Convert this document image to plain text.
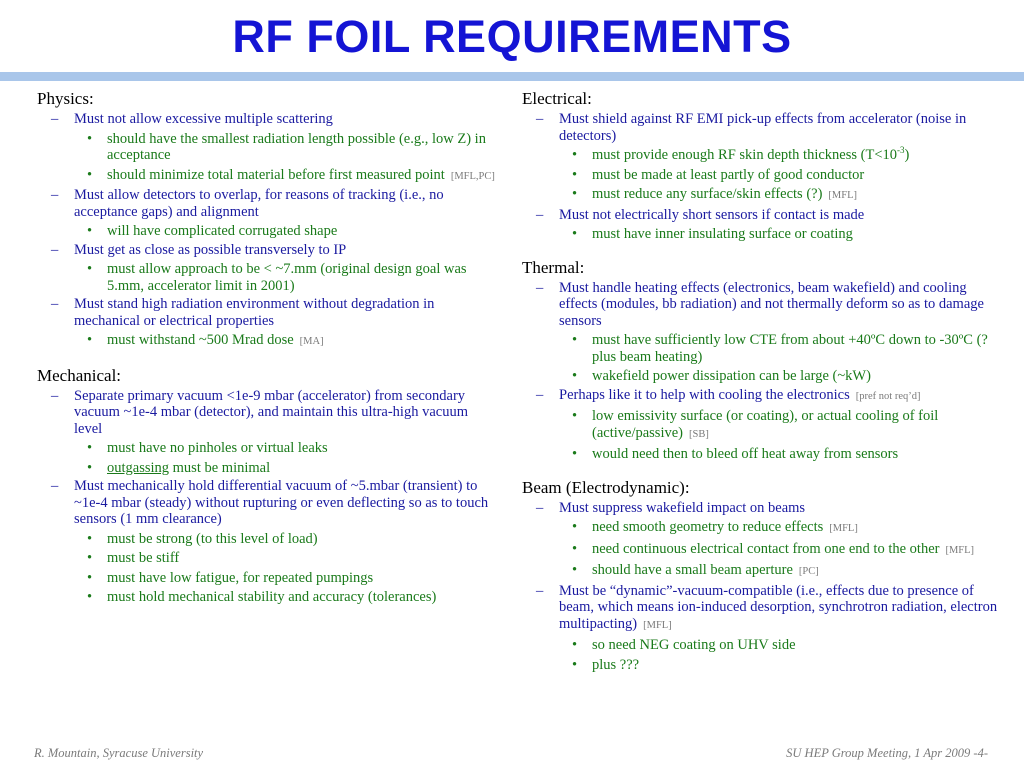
RF FOIL REQUIREMENTS
Physics:
– Must not allow excessive multiple scattering
• should have the smallest radiation length possible (e.g., low Z) in acceptance
• should minimize total material before first measured point [MFL,PC]
– Must allow detectors to overlap, for reasons of tracking (i.e., no acceptance gaps) and alignment
• will have complicated corrugated shape
– Must get as close as possible transversely to IP
• must allow approach to be < ~7.mm (original design goal was 5.mm, accelerator limit in 2001)
– Must stand high radiation environment without degradation in mechanical or electrical properties
• must withstand ~500 Mrad dose [MA]
Mechanical:
– Separate primary vacuum <1e-9 mbar (accelerator) from secondary vacuum ~1e-4 mbar (detector), and maintain this ultra-high vacuum level
• must have no pinholes or virtual leaks
• outgassing must be minimal
– Must mechanically hold differential vacuum of ~5.mbar (transient) to ~1e-4 mbar (steady) without rupturing or even deflecting so as to touch sensors (1 mm clearance)
• must be strong (to this level of load)
• must be stiff
• must have low fatigue, for repeated pumpings
• must hold mechanical stability and accuracy (tolerances)
Electrical:
– Must shield against RF EMI pick-up effects from accelerator (noise in detectors)
• must provide enough RF skin depth thickness $(T<10^{-3})$
• must be made at least partly of good conductor
• must reduce any surface/skin effects (?) [MFL]
– Must not electrically short sensors if contact is made
• must have inner insulating surface or coating
Thermal:
– Must handle heating effects (electronics, beam wakefield) and cooling effects (modules, bb radiation) and not thermally deform so as to damage sensors
• must have sufficiently low CTE from about +40ºC down to -30ºC (? plus beam heating)
• wakefield power dissipation can be large (~kW)
– Perhaps like it to help with cooling the electronics [pref not req’d]
• low emissivity surface (or coating), or actual cooling of foil (active/passive) [SB]
• would need then to bleed off heat away from sensors
Beam (Electrodynamic):
– Must suppress wakefield impact on beams
• need smooth geometry to reduce effects [MFL]
• need continuous electrical contact from one end to the other [MFL]
• should have a small beam aperture [PC]
– Must be “dynamic”-vacuum-compatible (i.e., effects due to presence of beam, which means ion-induced desorption, synchrotron radiation, electron multipacting) [MFL]
• so need NEG coating on UHV side
• plus ???
R. Mountain, Syracuse University	SU HEP Group Meeting, 1 Apr 2009 -4-
